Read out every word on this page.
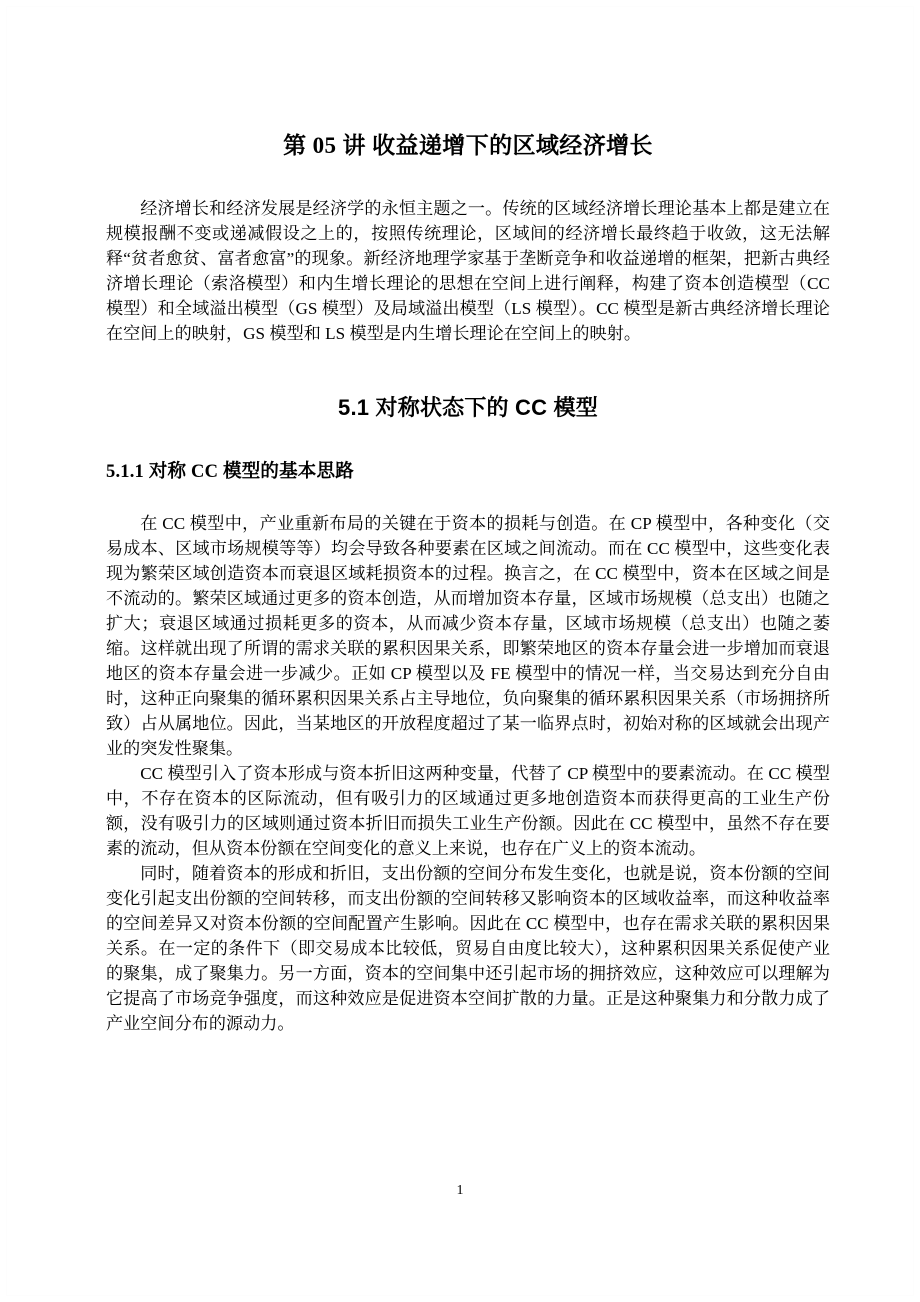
第 05 讲 收益递增下的区域经济增长

经济增长和经济发展是经济学的永恒主题之一。传统的区域经济增长理论基本上都是建立在规模报酬不变或递减假设之上的，按照传统理论，区域间的经济增长最终趋于收敛，这无法解释“贫者愈贫、富者愈富”的现象。新经济地理学家基于垄断竞争和收益递增的框架，把新古典经济增长理论（索洛模型）和内生增长理论的思想在空间上进行阐释，构建了资本创造模型（CC 模型）和全域溢出模型（GS 模型）及局域溢出模型（LS 模型）。CC 模型是新古典经济增长理论在空间上的映射，GS 模型和 LS 模型是内生增长理论在空间上的映射。

5.1 对称状态下的 CC 模型
5.1.1 对称 CC 模型的基本思路

在 CC 模型中，产业重新布局的关键在于资本的损耗与创造。在 CP 模型中，各种变化（交易成本、区域市场规模等等）均会导致各种要素在区域之间流动。而在 CC 模型中，这些变化表现为繁荣区域创造资本而衰退区域耗损资本的过程。换言之，在 CC 模型中，资本在区域之间是不流动的。繁荣区域通过更多的资本创造，从而增加资本存量，区域市场规模（总支出）也随之扩大；衰退区域通过损耗更多的资本，从而减少资本存量，区域市场规模（总支出）也随之萎缩。这样就出现了所谓的需求关联的累积因果关系，即繁荣地区的资本存量会进一步增加而衰退地区的资本存量会进一步减少。正如 CP 模型以及 FE 模型中的情况一样，当交易达到充分自由时，这种正向聚集的循环累积因果关系占主导地位，负向聚集的循环累积因果关系（市场拥挤所致）占从属地位。因此，当某地区的开放程度超过了某一临界点时，初始对称的区域就会出现产业的突发性聚集。

CC 模型引入了资本形成与资本折旧这两种变量，代替了 CP 模型中的要素流动。在 CC 模型中，不存在资本的区际流动，但有吸引力的区域通过更多地创造资本而获得更高的工业生产份额，没有吸引力的区域则通过资本折旧而损失工业生产份额。因此在 CC 模型中，虽然不存在要素的流动，但从资本份额在空间变化的意义上来说，也存在广义上的资本流动。

同时，随着资本的形成和折旧，支出份额的空间分布发生变化，也就是说，资本份额的空间变化引起支出份额的空间转移，而支出份额的空间转移又影响资本的区域收益率，而这种收益率的空间差异又对资本份额的空间配置产生影响。因此在 CC 模型中，也存在需求关联的累积因果关系。在一定的条件下（即交易成本比较低，贸易自由度比较大），这种累积因果关系促使产业的聚集，成了聚集力。另一方面，资本的空间集中还引起市场的拥挤效应，这种效应可以理解为它提高了市场竞争强度，而这种效应是促进资本空间扩散的力量。正是这种聚集力和分散力成了产业空间分布的源动力。

1
